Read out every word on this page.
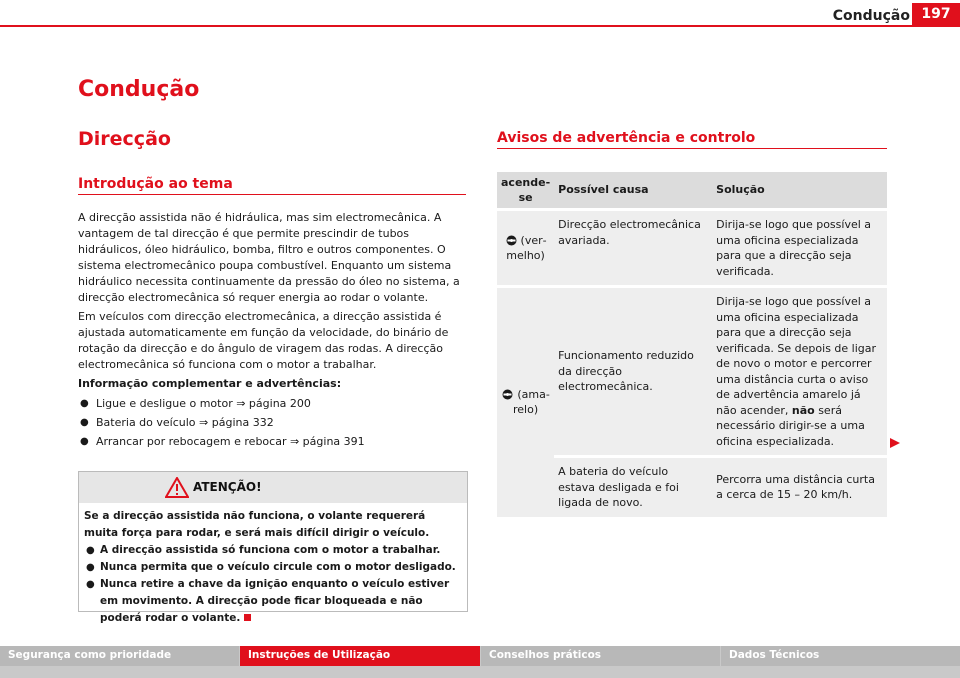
Condução 197
Condução
Direcção
Introdução ao tema

A direcção assistida não é hidráulica, mas sim electromecânica. A vantagem de tal direcção é que permite prescindir de tubos hidráulicos, óleo hidráulico, bomba, filtro e outros componentes. O sistema electromecânico poupa combustível. Enquanto um sistema hidráulico necessita continuamente da pressão do óleo no sistema, a direcção electromecânica só requer energia ao rodar o volante.

Em veículos com direcção electromecânica, a direcção assistida é ajustada automaticamente em função da velocidade, do binário de rotação da direcção e do ângulo de viragem das rodas. A direcção electromecânica só funciona com o motor a trabalhar.

Informação complementar e advertências:

● Ligue e desligue o motor ⇒ página 200
● Bateria do veículo ⇒ página 332
● Arrancar por rebocagem e rebocar ⇒ página 391
ATENÇÃO!

Se a direcção assistida não funciona, o volante requererá muita força para rodar, e será mais difícil dirigir o veículo.

● A direcção assistida só funciona com o motor a trabalhar.
● Nunca permita que o veículo circule com o motor desligado.
● Nunca retire a chave da ignição enquanto o veículo estiver em movimento. A direcção pode ficar bloqueada e não poderá rodar o volante.
Avisos de advertência e controlo
acende-se	Possível causa	Solução
(vermelho)	Direcção electromecânica avariada.	Dirija-se logo que possível a uma oficina especializada para que a direcção seja verificada.
(amarelo)	Funcionamento reduzido da direcção electromecânica.	Dirija-se logo que possível a uma oficina especializada para que a direcção seja verificada. Se depois de ligar de novo o motor e percorrer uma distância curta o aviso de advertência amarelo já não acender, não será necessário dirigir-se a uma oficina especializada.
	A bateria do veículo estava desligada e foi ligada de novo.	Percorra uma distância curta a cerca de 15 – 20 km/h.
Segurança como prioridade	Instruções de Utilização	Conselhos práticos	Dados Técnicos
